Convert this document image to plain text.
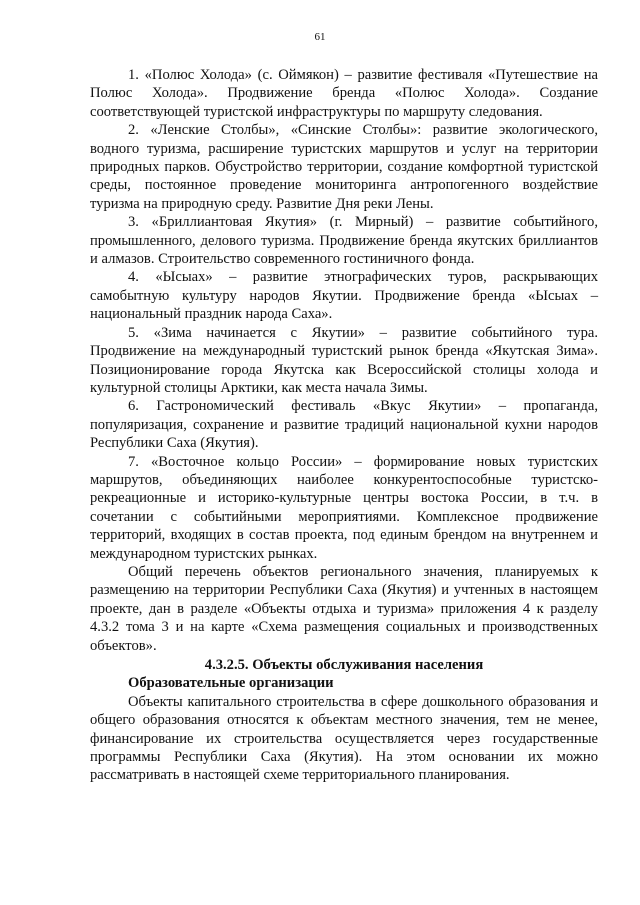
61

1. «Полюс Холода» (с. Оймякон) – развитие фестиваля «Путешествие на Полюс Холода». Продвижение бренда «Полюс Холода». Создание соответствующей туристской инфраструктуры по маршруту следования.

2. «Ленские Столбы», «Синские Столбы»: развитие экологического, водного туризма, расширение туристских маршрутов и услуг на территории природных парков. Обустройство территории, создание комфортной туристской среды, постоянное проведение мониторинга антропогенного воздействие туризма на природную среду. Развитие Дня реки Лены.

3. «Бриллиантовая Якутия» (г. Мирный) – развитие событийного, промышленного, делового туризма. Продвижение бренда якутских бриллиантов и алмазов. Строительство современного гостиничного фонда.

4. «Ысыах» – развитие этнографических туров, раскрывающих самобытную культуру народов Якутии. Продвижение бренда «Ысыах – национальный праздник народа Саха».

5. «Зима начинается с Якутии» – развитие событийного тура. Продвижение на международный туристский рынок бренда «Якутская Зима». Позиционирование города Якутска как Всероссийской столицы холода и культурной столицы Арктики, как места начала Зимы.

6. Гастрономический фестиваль «Вкус Якутии» – пропаганда, популяризация, сохранение и развитие традиций национальной кухни народов Республики Саха (Якутия).

7. «Восточное кольцо России» – формирование новых туристских маршрутов, объединяющих наиболее конкурентоспособные туристско-рекреационные и историко-культурные центры востока России, в т.ч. в сочетании с событийными мероприятиями. Комплексное продвижение территорий, входящих в состав проекта, под единым брендом на внутреннем и международном туристских рынках.

Общий перечень объектов регионального значения, планируемых к размещению на территории Республики Саха (Якутия) и учтенных в настоящем проекте, дан в разделе «Объекты отдыха и туризма» приложения 4 к разделу 4.3.2 тома 3 и на карте «Схема размещения социальных и производственных объектов».

4.3.2.5. Объекты обслуживания населения
Образовательные организации

Объекты капитального строительства в сфере дошкольного образования и общего образования относятся к объектам местного значения, тем не менее, финансирование их строительства осуществляется через государственные программы Республики Саха (Якутия). На этом основании их можно рассматривать в настоящей схеме территориального планирования.
